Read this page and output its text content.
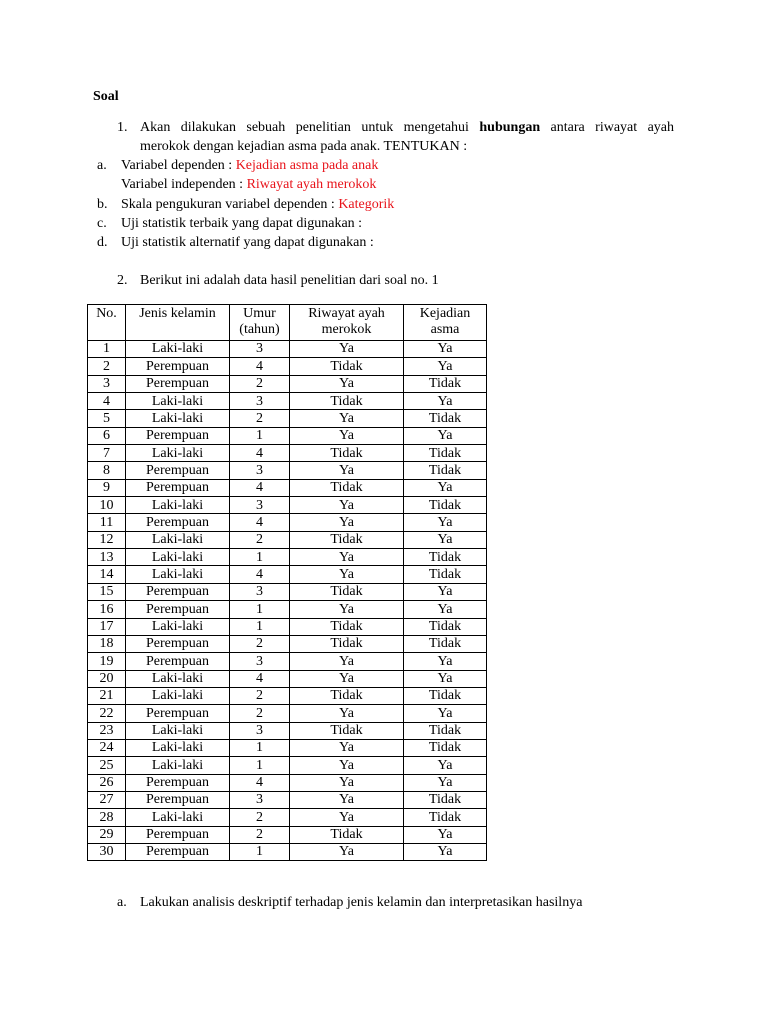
Soal
1. Akan dilakukan sebuah penelitian untuk mengetahui hubungan antara riwayat ayah
merokok dengan kejadian asma pada anak. TENTUKAN :
a. Variabel dependen : Kejadian asma pada anak
Variabel independen : Riwayat ayah merokok
b. Skala pengukuran variabel dependen : Kategorik
c. Uji statistik terbaik yang dapat digunakan :
d. Uji statistik alternatif yang dapat digunakan :
2. Berikut ini adalah data hasil penelitian dari soal no. 1
No.	Jenis kelamin	Umur (tahun)	Riwayat ayah merokok	Kejadian asma
1	Laki-laki	3	Ya	Ya
2	Perempuan	4	Tidak	Ya
3	Perempuan	2	Ya	Tidak
4	Laki-laki	3	Tidak	Ya
5	Laki-laki	2	Ya	Tidak
6	Perempuan	1	Ya	Ya
7	Laki-laki	4	Tidak	Tidak
8	Perempuan	3	Ya	Tidak
9	Perempuan	4	Tidak	Ya
10	Laki-laki	3	Ya	Tidak
11	Perempuan	4	Ya	Ya
12	Laki-laki	2	Tidak	Ya
13	Laki-laki	1	Ya	Tidak
14	Laki-laki	4	Ya	Tidak
15	Perempuan	3	Tidak	Ya
16	Perempuan	1	Ya	Ya
17	Laki-laki	1	Tidak	Tidak
18	Perempuan	2	Tidak	Tidak
19	Perempuan	3	Ya	Ya
20	Laki-laki	4	Ya	Ya
21	Laki-laki	2	Tidak	Tidak
22	Perempuan	2	Ya	Ya
23	Laki-laki	3	Tidak	Tidak
24	Laki-laki	1	Ya	Tidak
25	Laki-laki	1	Ya	Ya
26	Perempuan	4	Ya	Ya
27	Perempuan	3	Ya	Tidak
28	Laki-laki	2	Ya	Tidak
29	Perempuan	2	Tidak	Ya
30	Perempuan	1	Ya	Ya
a. Lakukan analisis deskriptif terhadap jenis kelamin dan interpretasikan hasilnya
